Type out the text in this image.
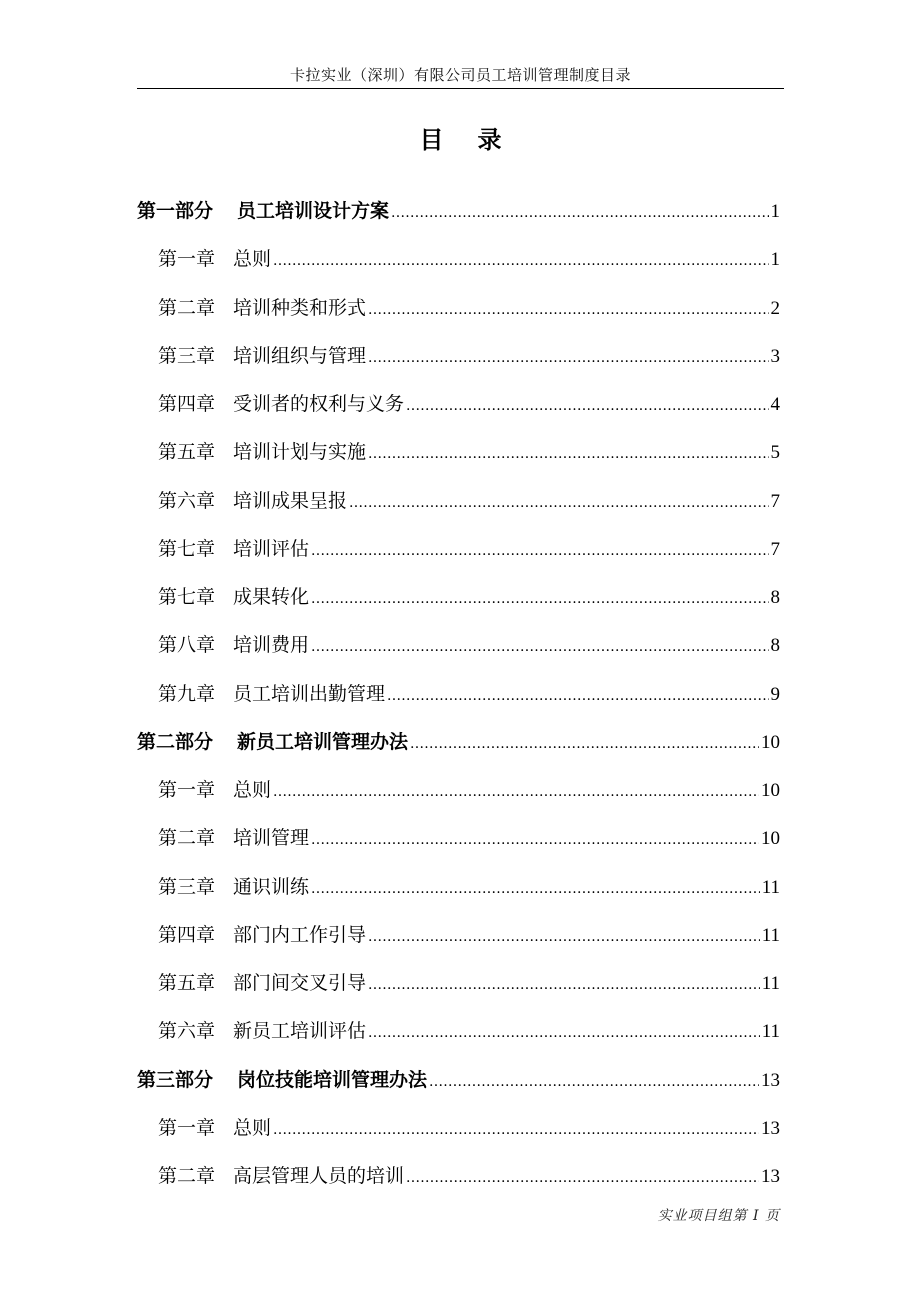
卡拉实业（深圳）有限公司员工培训管理制度目录
目录
第一部分 员工培训设计方案 .....	1
第一章 总则 .....	1
第二章 培训种类和形式 .....	2
第三章 培训组织与管理 .....	3
第四章 受训者的权利与义务 .....	4
第五章 培训计划与实施 .....	5
第六章 培训成果呈报 .....	7
第七章 培训评估 .....	7
第七章 成果转化 .....	8
第八章 培训费用 .....	8
第九章 员工培训出勤管理 .....	9
第二部分 新员工培训管理办法 .....	10
第一章 总则 .....	10
第二章 培训管理 .....	10
第三章 通识训练 .....	11
第四章 部门内工作引导 .....	11
第五章 部门间交叉引导 .....	11
第六章 新员工培训评估 .....	11
第三部分 岗位技能培训管理办法 .....	13
第一章 总则 .....	13
第二章 高层管理人员的培训 .....	13
实业项目组第 I 页
